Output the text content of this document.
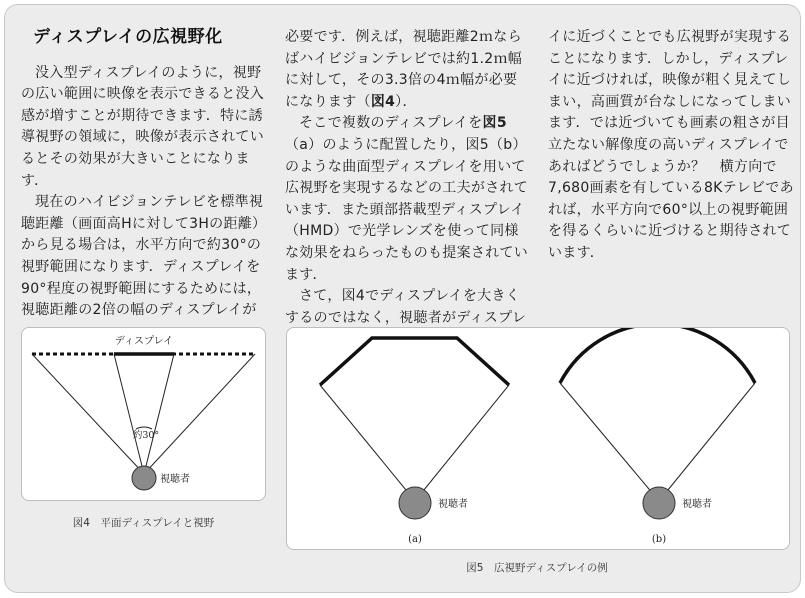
ディスプレイの広視野化

没入型ディスプレイのように，視野の広い範囲に映像を表示できると没入感が増すことが期待できます．特に誘導視野の領域に，映像が表示されているとその効果が大きいことになります．

現在のハイビジョンテレビを標準視聴距離（画面高Hに対して3Hの距離）から見る場合は，水平方向で約30°の視野範囲になります．ディスプレイを90°程度の視野範囲にするためには，視聴距離の2倍の幅のディスプレイが

必要です．例えば，視聴距離2ｍならばハイビジョンテレビでは約1.2ｍ幅に対して，その3.3倍の4ｍ幅が必要になります（図4）．

そこで複数のディスプレイを図5（a）のように配置したり，図5（b）のような曲面型ディスプレイを用いて広視野を実現するなどの工夫がされています．また頭部搭載型ディスプレイ（HMD）で光学レンズを使って同様な効果をねらったものも提案されています．

さて，図4でディスプレイを大きくするのではなく，視聴者がディスプレ

イに近づくことでも広視野が実現することになります．しかし，ディスプレイに近づければ，映像が粗く見えてしまい，高画質が台なしになってしまいます．では近づいても画素の粗さが目立たない解像度の高いディスプレイであればどうでしょうか？　横方向で7,680画素を有している8Kテレビであれば，水平方向で60°以上の視野範囲を得るくらいに近づけると期待されています．

ディスプレイ
約30°
視聴者
図4　平面ディスプレイと視野
視聴者
(a)
視聴者
(b)
図5　広視野ディスプレイの例
